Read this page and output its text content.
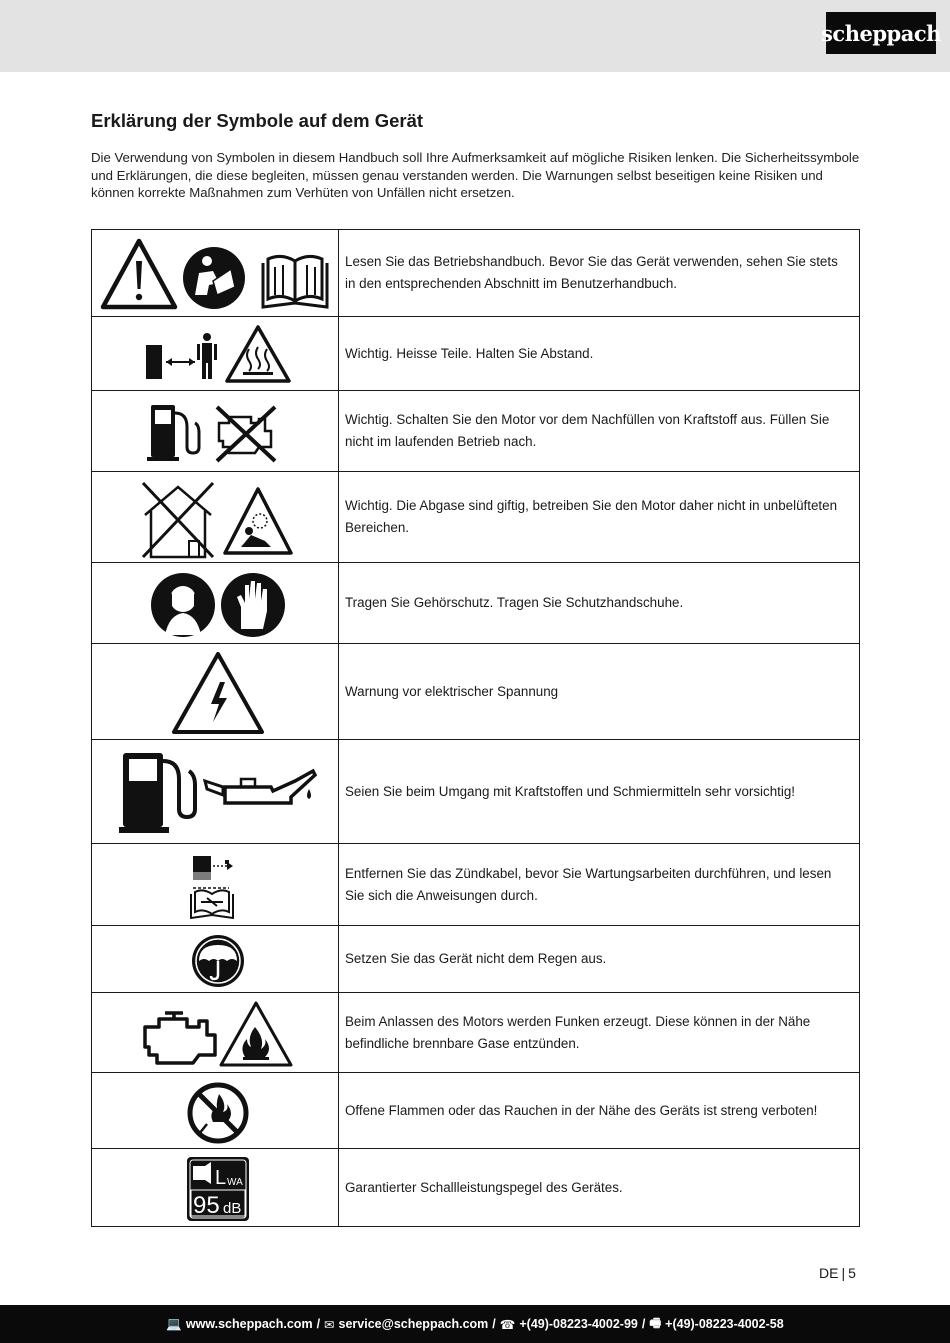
scheppach
Erklärung der Symbole auf dem Gerät

Die Verwendung von Symbolen in diesem Handbuch soll Ihre Aufmerksamkeit auf mögliche Risiken lenken. Die Sicherheitssymbole und Erklärungen, die diese begleiten, müssen genau verstanden werden. Die Warnungen selbst beseitigen keine Risiken und können korrekte Maßnahmen zum Verhüten von Unfällen nicht ersetzen.

	Lesen Sie das Betriebshandbuch. Bevor Sie das Gerät verwenden, sehen Sie stets in den entsprechenden Abschnitt im Benutzerhandbuch.

	Wichtig. Heisse Teile. Halten Sie Abstand.

	Wichtig. Schalten Sie den Motor vor dem Nachfüllen von Kraftstoff aus. Füllen Sie nicht im laufenden Betrieb nach.

	Wichtig. Die Abgase sind giftig, betreiben Sie den Motor daher nicht in unbelüfteten Bereichen.

	Tragen Sie Gehörschutz. Tragen Sie Schutzhandschuhe.

	Warnung vor elektrischer Spannung

	Seien Sie beim Umgang mit Kraftstoffen und Schmiermitteln sehr vorsichtig!

	Entfernen Sie das Zündkabel, bevor Sie Wartungsarbeiten durchführen, und lesen Sie sich die Anweisungen durch.

	Setzen Sie das Gerät nicht dem Regen aus.

	Beim Anlassen des Motors werden Funken erzeugt. Diese können in der Nähe befindliche brennbare Gase entzünden.

	Offene Flammen oder das Rauchen in der Nähe des Geräts ist streng verboten!

L WA
95 dB	Garantierter Schallleistungspegel des Gerätes.
DE | 5
💻 www.scheppach.com / ✉ service@scheppach.com / ☎ +(49)-08223-4002-99 / 🖷 +(49)-08223-4002-58
